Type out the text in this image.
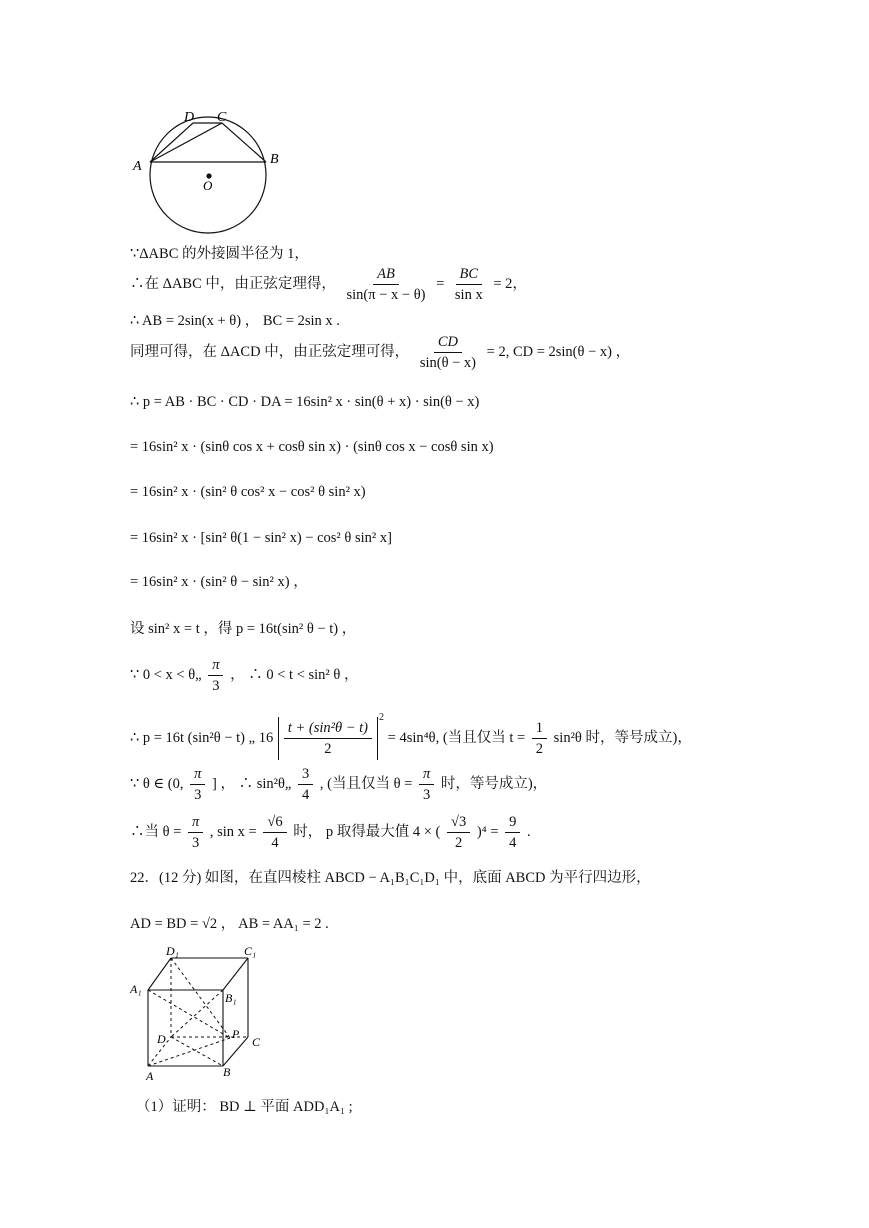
A	B
D C
O
∵ΔABC 的外接圆半径为 1，
∴在 ΔABC 中，由正弦定理得， $\frac{AB}{\sin(\pi - x - \theta)} = \frac{BC}{\text{sin x}} = 2$，
∴ AB = 2sin(x + θ) ， BC = 2sin x .
同理可得，在 ΔACD 中，由正弦定理可得， $\frac{CD}{\sin(\theta - x)} = 2$, CD = 2sin(θ − x) ，
∴ p = AB · BC · CD · DA = 16sin² x · sin(θ + x) · sin(θ − x)
= 16sin² x · (sinθ cos x + cosθ sin x) · (sinθ cos x − cosθ sin x)
= 16sin² x · (sin² θ cos² x − cos² θ sin² x)
= 16sin² x · [sin² θ(1 − sin² x) − cos² θ sin² x]
= 16sin² x · (sin² θ − sin² x) ，
设 sin² x = t ，得 p = 16t(sin² θ − t) ，
∵ 0 < x < θ„ $\frac{\pi}{3}$ ， ∴ 0 < t < sin² θ ，
∴ p = 16t (sin²θ − t) „ $16 \frac{\text{t + (sin²θ − t)}}{2}$
$^2$ = 4sin⁴θ, (当且仅当 $t = \frac{1}{2} \sin^2\theta$ 时，等号成立)，
∵ θ ∈ (0, $\frac{\pi}{3}$ ] ， ∴ sin²θ„ $\frac{3}{4}$ , (当且仅当 $\theta = \frac{\pi}{3}$ 时，等号成立)，
∴当 $\theta = \frac{\pi}{3}$ , $\sin x = \frac{√6}{4}$ 时， p 取得最大值 4 × ( $\frac{√3}{2} )^4 = \frac{9}{4}$ .
22．(12 分) 如图，在直四棱柱 ABCD − A₁B₁C₁D₁ 中，底面 ABCD 为平行四边形，
AD = BD = √2 ， AB = AA₁ = 2 .
D₁	C₁
A₁
B₁
P
D	C
A	B
（1）证明： BD ⊥ 平面 ADD₁A₁ ;
